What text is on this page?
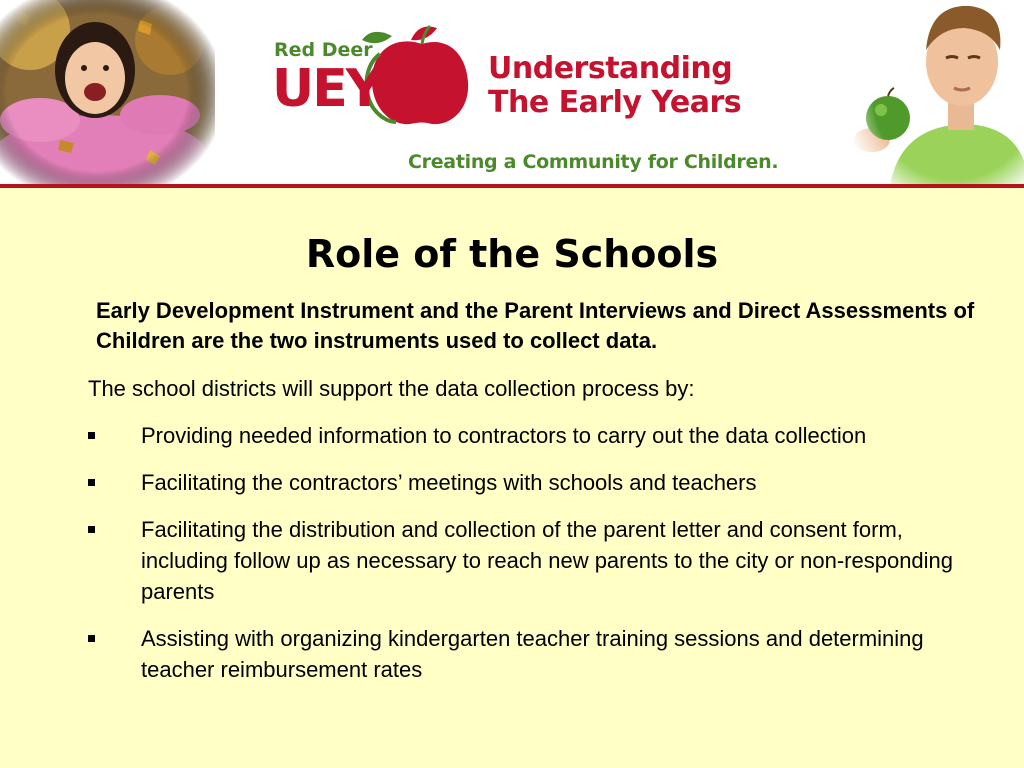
Red Deer
UEY	Understanding
The Early Years
Creating a Community for Children.
Role of the Schools
Early Development Instrument and the Parent Interviews and Direct Assessments of Children are the two instruments used to collect data.
The school districts will support the data collection process by:
Providing needed information to contractors to carry out the data collection
Facilitating the contractors’ meetings with schools and teachers
Facilitating the distribution and collection of the parent letter and consent form, including follow up as necessary to reach new parents to the city or non-responding parents
Assisting with organizing kindergarten teacher training sessions and determining teacher reimbursement rates
